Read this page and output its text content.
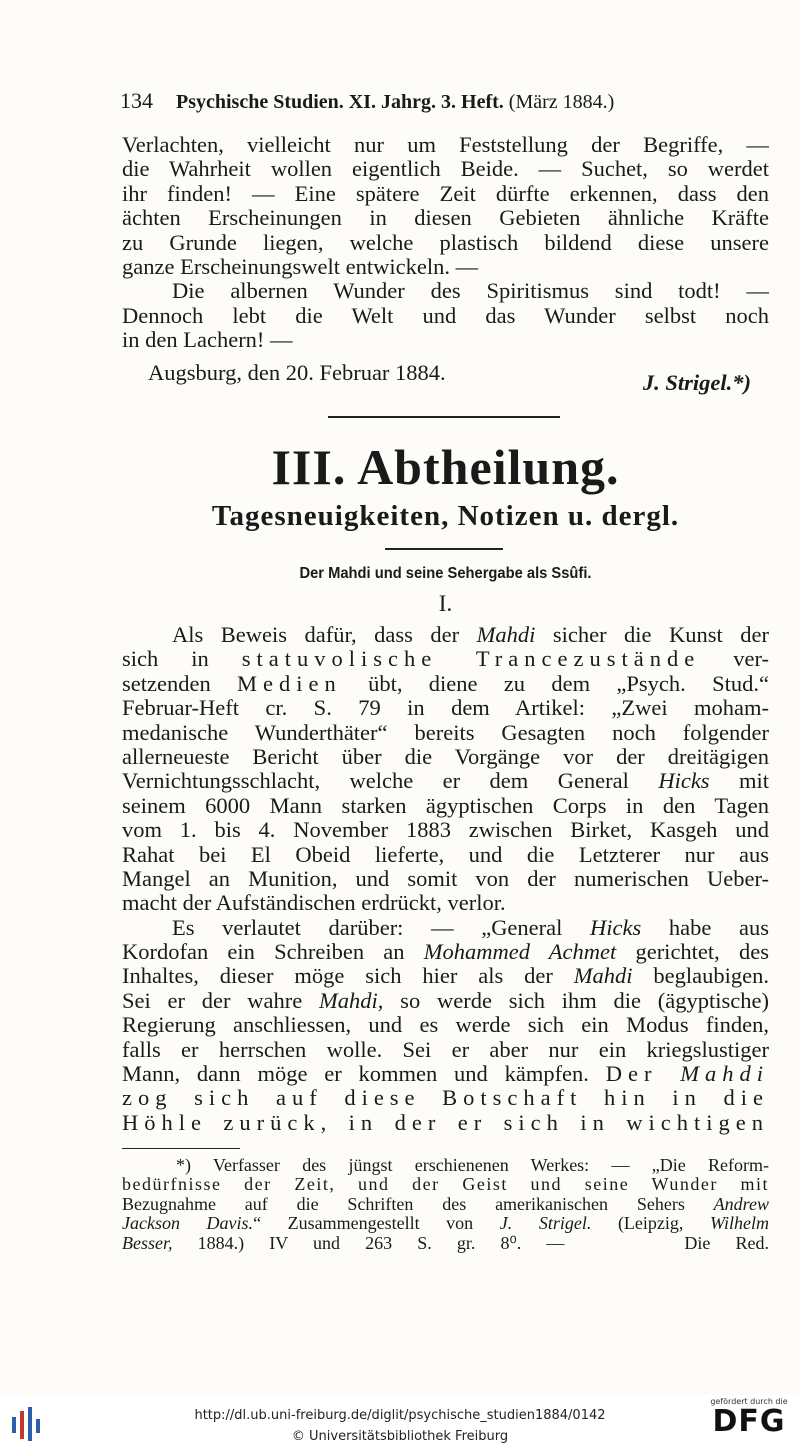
134 Psychische Studien. XI. Jahrg. 3. Heft. (März 1884.)
Verlachten, vielleicht nur um Feststellung der Begriffe, —
die Wahrheit wollen eigentlich Beide. — Suchet, so werdet
ihr finden! — Eine spätere Zeit dürfte erkennen, dass den
ächten Erscheinungen in diesen Gebieten ähnliche Kräfte
zu Grunde liegen, welche plastisch bildend diese unsere
ganze Erscheinungswelt entwickeln. —
Die albernen Wunder des Spiritismus sind todt! —
Dennoch lebt die Welt und das Wunder selbst noch
in den Lachern! —
Augsburg, den 20. Februar 1884.	J. Strigel.*)
III. Abtheilung.
Tagesneuigkeiten, Notizen u. dergl.
Der Mahdi und seine Sehergabe als Ssûfi.
I.
Als Beweis dafür, dass der Mahdi sicher die Kunst der
sich in statuvolische Trancezustände ver-
setzenden Medien übt, diene zu dem „Psych. Stud.“
Februar-Heft cr. S. 79 in dem Artikel: „Zwei moham-
medanische Wunderthäter“ bereits Gesagten noch folgender
allerneueste Bericht über die Vorgänge vor der dreitägigen
Vernichtungsschlacht, welche er dem General Hicks mit
seinem 6000 Mann starken ägyptischen Corps in den Tagen
vom 1. bis 4. November 1883 zwischen Birket, Kasgeh und
Rahat bei El Obeid lieferte, und die Letzterer nur aus
Mangel an Munition, und somit von der numerischen Ueber-
macht der Aufständischen erdrückt, verlor.
Es verlautet darüber: — „General Hicks habe aus
Kordofan ein Schreiben an Mohammed Achmet gerichtet, des
Inhaltes, dieser möge sich hier als der Mahdi beglaubigen.
Sei er der wahre Mahdi, so werde sich ihm die (ägyptische)
Regierung anschliessen, und es werde sich ein Modus finden,
falls er herrschen wolle. Sei er aber nur ein kriegslustiger
Mann, dann möge er kommen und kämpfen. Der Mahdi
zog sich auf diese Botschaft hin in die
Höhle zurück, in der er sich in wichtigen
*) Verfasser des jüngst erschienenen Werkes: — „Die Reform-
bedürfnisse der Zeit, und der Geist und seine Wunder mit
Bezugnahme auf die Schriften des amerikanischen Sehers Andrew
Jackson Davis.“ Zusammengestellt von J. Strigel. (Leipzig, Wilhelm
Besser, 1884.) IV und 263 S. gr. 8⁰. —	Die Red.
http://dl.ub.uni-freiburg.de/diglit/psychische_studien1884/0142
© Universitätsbibliothek Freiburg
gefördert durch die
DFG
